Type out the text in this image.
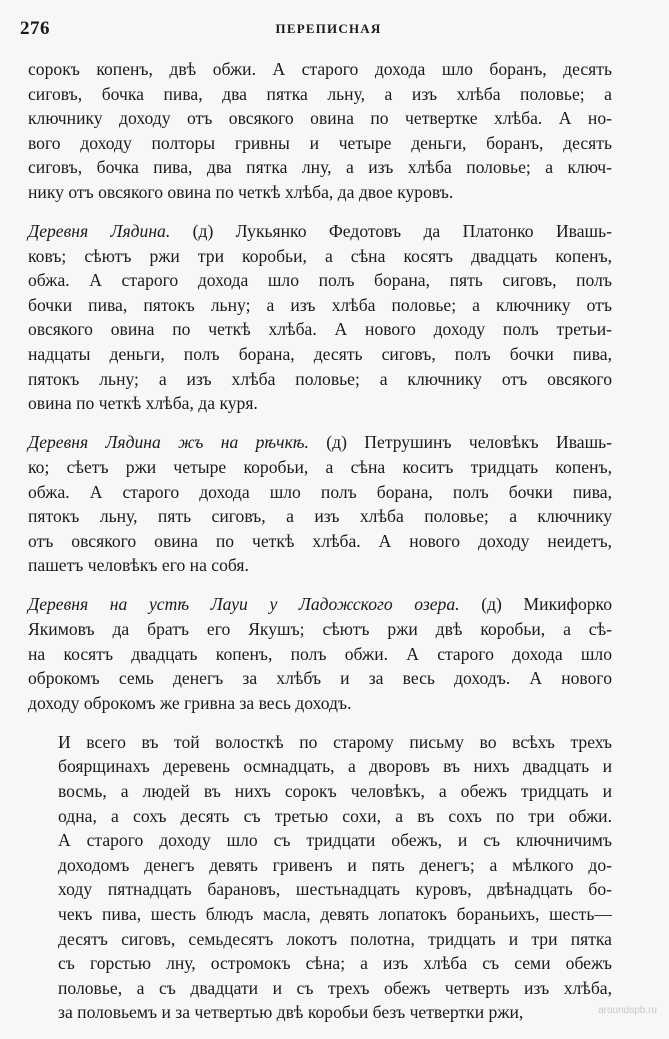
276	ПЕРЕПИСНАЯ
сорокъ копенъ, двѣ обжи. А старого дохода шло боранъ, десять
сиговъ, бочка пива, два пятка льну, а изъ хлѣба половье; а
ключнику доходу отъ овсякого овина по четвертке хлѣба. А но-
вого доходу полторы гривны и четыре деньги, боранъ, десять
сиговъ, бочка пива, два пятка лну, а изъ хлѣба половье; а ключ-
нику отъ овсякого овина по четкѣ хлѣба, да двое куровъ.
Деревня Лядина. (д) Лукьянко Федотовъ да Платонко Ивашь-
ковъ; сѣютъ ржи три коробьи, а сѣна косятъ двадцать копенъ,
обжа. А старого дохода шло полъ борана, пять сиговъ, полъ
бочки пива, пятокъ льну; а изъ хлѣба половье; а ключнику отъ
овсякого овина по четкѣ хлѣба. А нового доходу полъ третьи-
надцаты деньги, полъ борана, десять сиговъ, полъ бочки пива,
пятокъ льну; а изъ хлѣба половье; а ключнику отъ овсякого
овина по четкѣ хлѣба, да куря.
Деревня Лядина жъ на рѣчкѣ. (д) Петрушинъ человѣкъ Ивашь-
ко; сѣетъ ржи четыре коробьи, а сѣна коситъ тридцать копенъ,
обжа. А старого дохода шло полъ борана, полъ бочки пива,
пятокъ льну, пять сиговъ, а изъ хлѣба половье; а ключнику
отъ овсякого овина по четкѣ хлѣба. А нового доходу неидетъ,
пашетъ человѣкъ его на собя.
Деревня на устѣ Лауи у Ладожского озера. (д) Микифорко
Якимовъ да братъ его Якушъ; сѣютъ ржи двѣ коробьи, а сѣ-
на косятъ двадцать копенъ, полъ обжи. А старого дохода шло
оброкомъ семь денегъ за хлѣбъ и за весь доходъ. А нового
доходу оброкомъ же гривна за весь доходъ.
И всего въ той волосткѣ по старому письму во всѣхъ трехъ
боярщинахъ деревень осмнадцать, а дворовъ въ нихъ двадцать и
восмь, а людей въ нихъ сорокъ человѣкъ, а обежъ тридцать и
одна, а сохъ десять съ третью сохи, а въ сохъ по три обжи.
А старого доходу шло съ тридцати обежъ, и съ ключничимъ
доходомъ денегъ девять гривенъ и пять денегъ; а мѣлкого до-
ходу пятнадцать барановъ, шестьнадцать куровъ, двѣнадцать бо-
чекъ пива, шесть блюдъ масла, девять лопатокъ бораньихъ, шесть—
десятъ сиговъ, семьдесятъ локотъ полотна, тридцать и три пятка
съ горстью лну, остромокъ сѣна; а изъ хлѣба съ семи обежъ
половье, а съ двадцати и съ трехъ обежъ четверть изъ хлѣба,
за половьемъ и за четвертью двѣ коробьи безъ четвертки ржи,	aroundspb.ru
